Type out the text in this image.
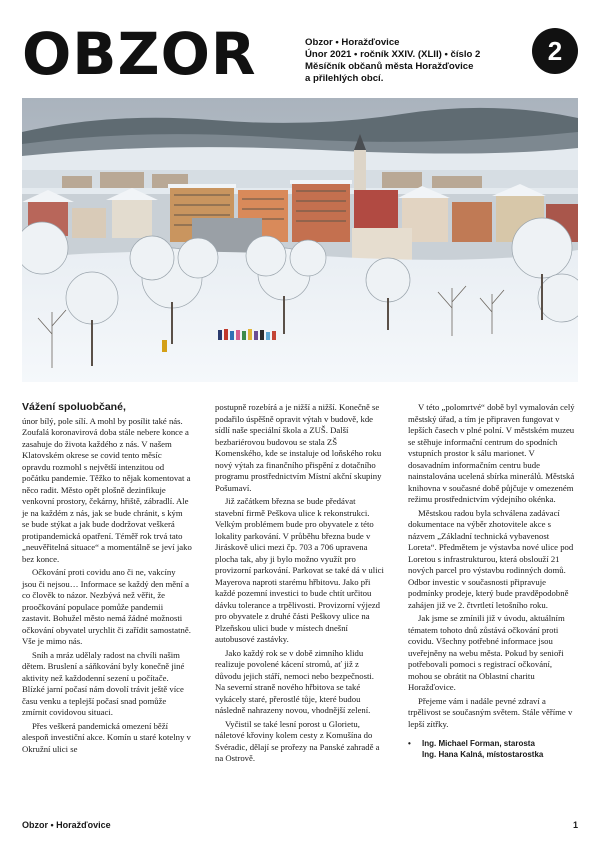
OBZOR	Obzor • Horažďovice
Únor 2021 • ročník XXIV. (XLII) • číslo 2
Měsíčník občanů města Horažďovice
a přilehlých obcí.
2

Vážení spoluobčané,

únor bílý, pole sílí. A mohl by posílit také nás. Zoufalá koronavirová doba stále nebere konce a zasahuje do života každého z nás. V našem Klatovském okrese se covid tento měsíc opravdu rozmohl s největší intenzitou od počátku pandemie. Těžko to nějak komentovat a něco radit. Město opět plošně dezinfikuje venkovní prostory, čekárny, hřiště, zábradlí. Ale je na každém z nás, jak se bude chránit, s kým se bude stýkat a jak bude dodržovat veškerá protipandemická opatření. Téměř rok trvá tato „neuvěřitelná situace“ a momentálně se jeví jako bez konce.

Očkování proti covidu ano či ne, vakcíny jsou či nejsou… Informace se každý den mění a co člověk to názor. Nezbývá než věřit, že proočkování populace pomůže pandemii zastavit. Bohužel město nemá žádné možnosti očkování obyvatel urychlit či zařídit samostatně. Vše je mimo nás.

Sníh a mráz udělaly radost na chvíli našim dětem. Bruslení a sáňkování byly konečně jiné aktivity než každodenní sezení u počítače. Blízké jarní počasí nám dovolí trávit ještě více času venku a teplejší počasí snad pomůže zmírnit covidovou situaci.

Přes veškerá pandemická omezení běží alespoň investiční akce. Komín u staré kotelny v Okružní ulici se

postupně rozebírá a je nižší a nižší. Konečně se podařilo úspěšně opravit výtah v budově, kde sídlí naše speciální škola a ZUŠ. Další bezbariérovou budovou se stala ZŠ Komenského, kde se instaluje od loňského roku nový výtah za finančního přispění z dotačního programu prostřednictvím Místní akční skupiny Pošumaví.

Již začátkem března se bude předávat stavební firmě Peškova ulice k rekonstrukci. Velkým problémem bude pro obyvatele z této lokality parkování. V průběhu března bude v Jiráskově ulici mezi čp. 703 a 706 upravena plocha tak, aby ji bylo možno využít pro provizorní parkování. Parkovat se také dá v ulici Mayerova naproti starému hřbitovu. Jako při každé pozemní investici to bude chtít určitou dávku tolerance a trpělivosti. Provizorní výjezd pro obyvatele z druhé části Peškovy ulice na Plzeňskou ulici bude v místech dnešní autobusové zastávky.

Jako každý rok se v době zimního klidu realizuje povolené kácení stromů, ať již z důvodu jejich stáří, nemoci nebo bezpečnosti. Na severní straně nového hřbitova se také vykácely staré, přerostlé tůje, které budou následně nahrazeny novou, vhodnější zelení.

Vyčistil se také lesní porost u Glorietu, náletové křoviny kolem cesty z Komušína do Svéradic, dělají se prořezy na Panské zahradě a na Ostrově.

V této „polomrtvé“ době byl vymalován celý městský úřad, a tím je připraven fungovat v lepších časech v plné polní. V městském muzeu se stěhuje informační centrum do spodních vstupních prostor k sálu marionet. V dosavadním informačním centru bude nainstalována ucelená sbírka minerálů. Městská knihovna v současné době půjčuje v omezeném režimu prostřednictvím výdejního okénka.

Městskou radou byla schválena zadávací dokumentace na výběr zhotovitele akce s názvem „Základní technická vybavenost Loreta“. Předmětem je výstavba nové ulice pod Loretou s infrastrukturou, která obslouží 21 nových parcel pro výstavbu rodinných domů. Odbor investic v současnosti připravuje podmínky prodeje, který bude pravděpodobně zahájen již ve 2. čtvrtletí letošního roku.

Jak jsme se zmínili již v úvodu, aktuálním tématem tohoto dnů zůstává očkování proti covidu. Všechny potřebné informace jsou uveřejněny na webu města. Pokud by senioři potřebovali pomoci s registrací očkování, mohou se obrátit na Oblastní charitu Horažďovice.

Přejeme vám i nadále pevné zdraví a trpělivost se současným světem. Stále věříme v lepší zítřky.

•	Ing. Michael Forman, starosta
Ing. Hana Kalná, místostarostka
Obzor • Horažďovice	1
